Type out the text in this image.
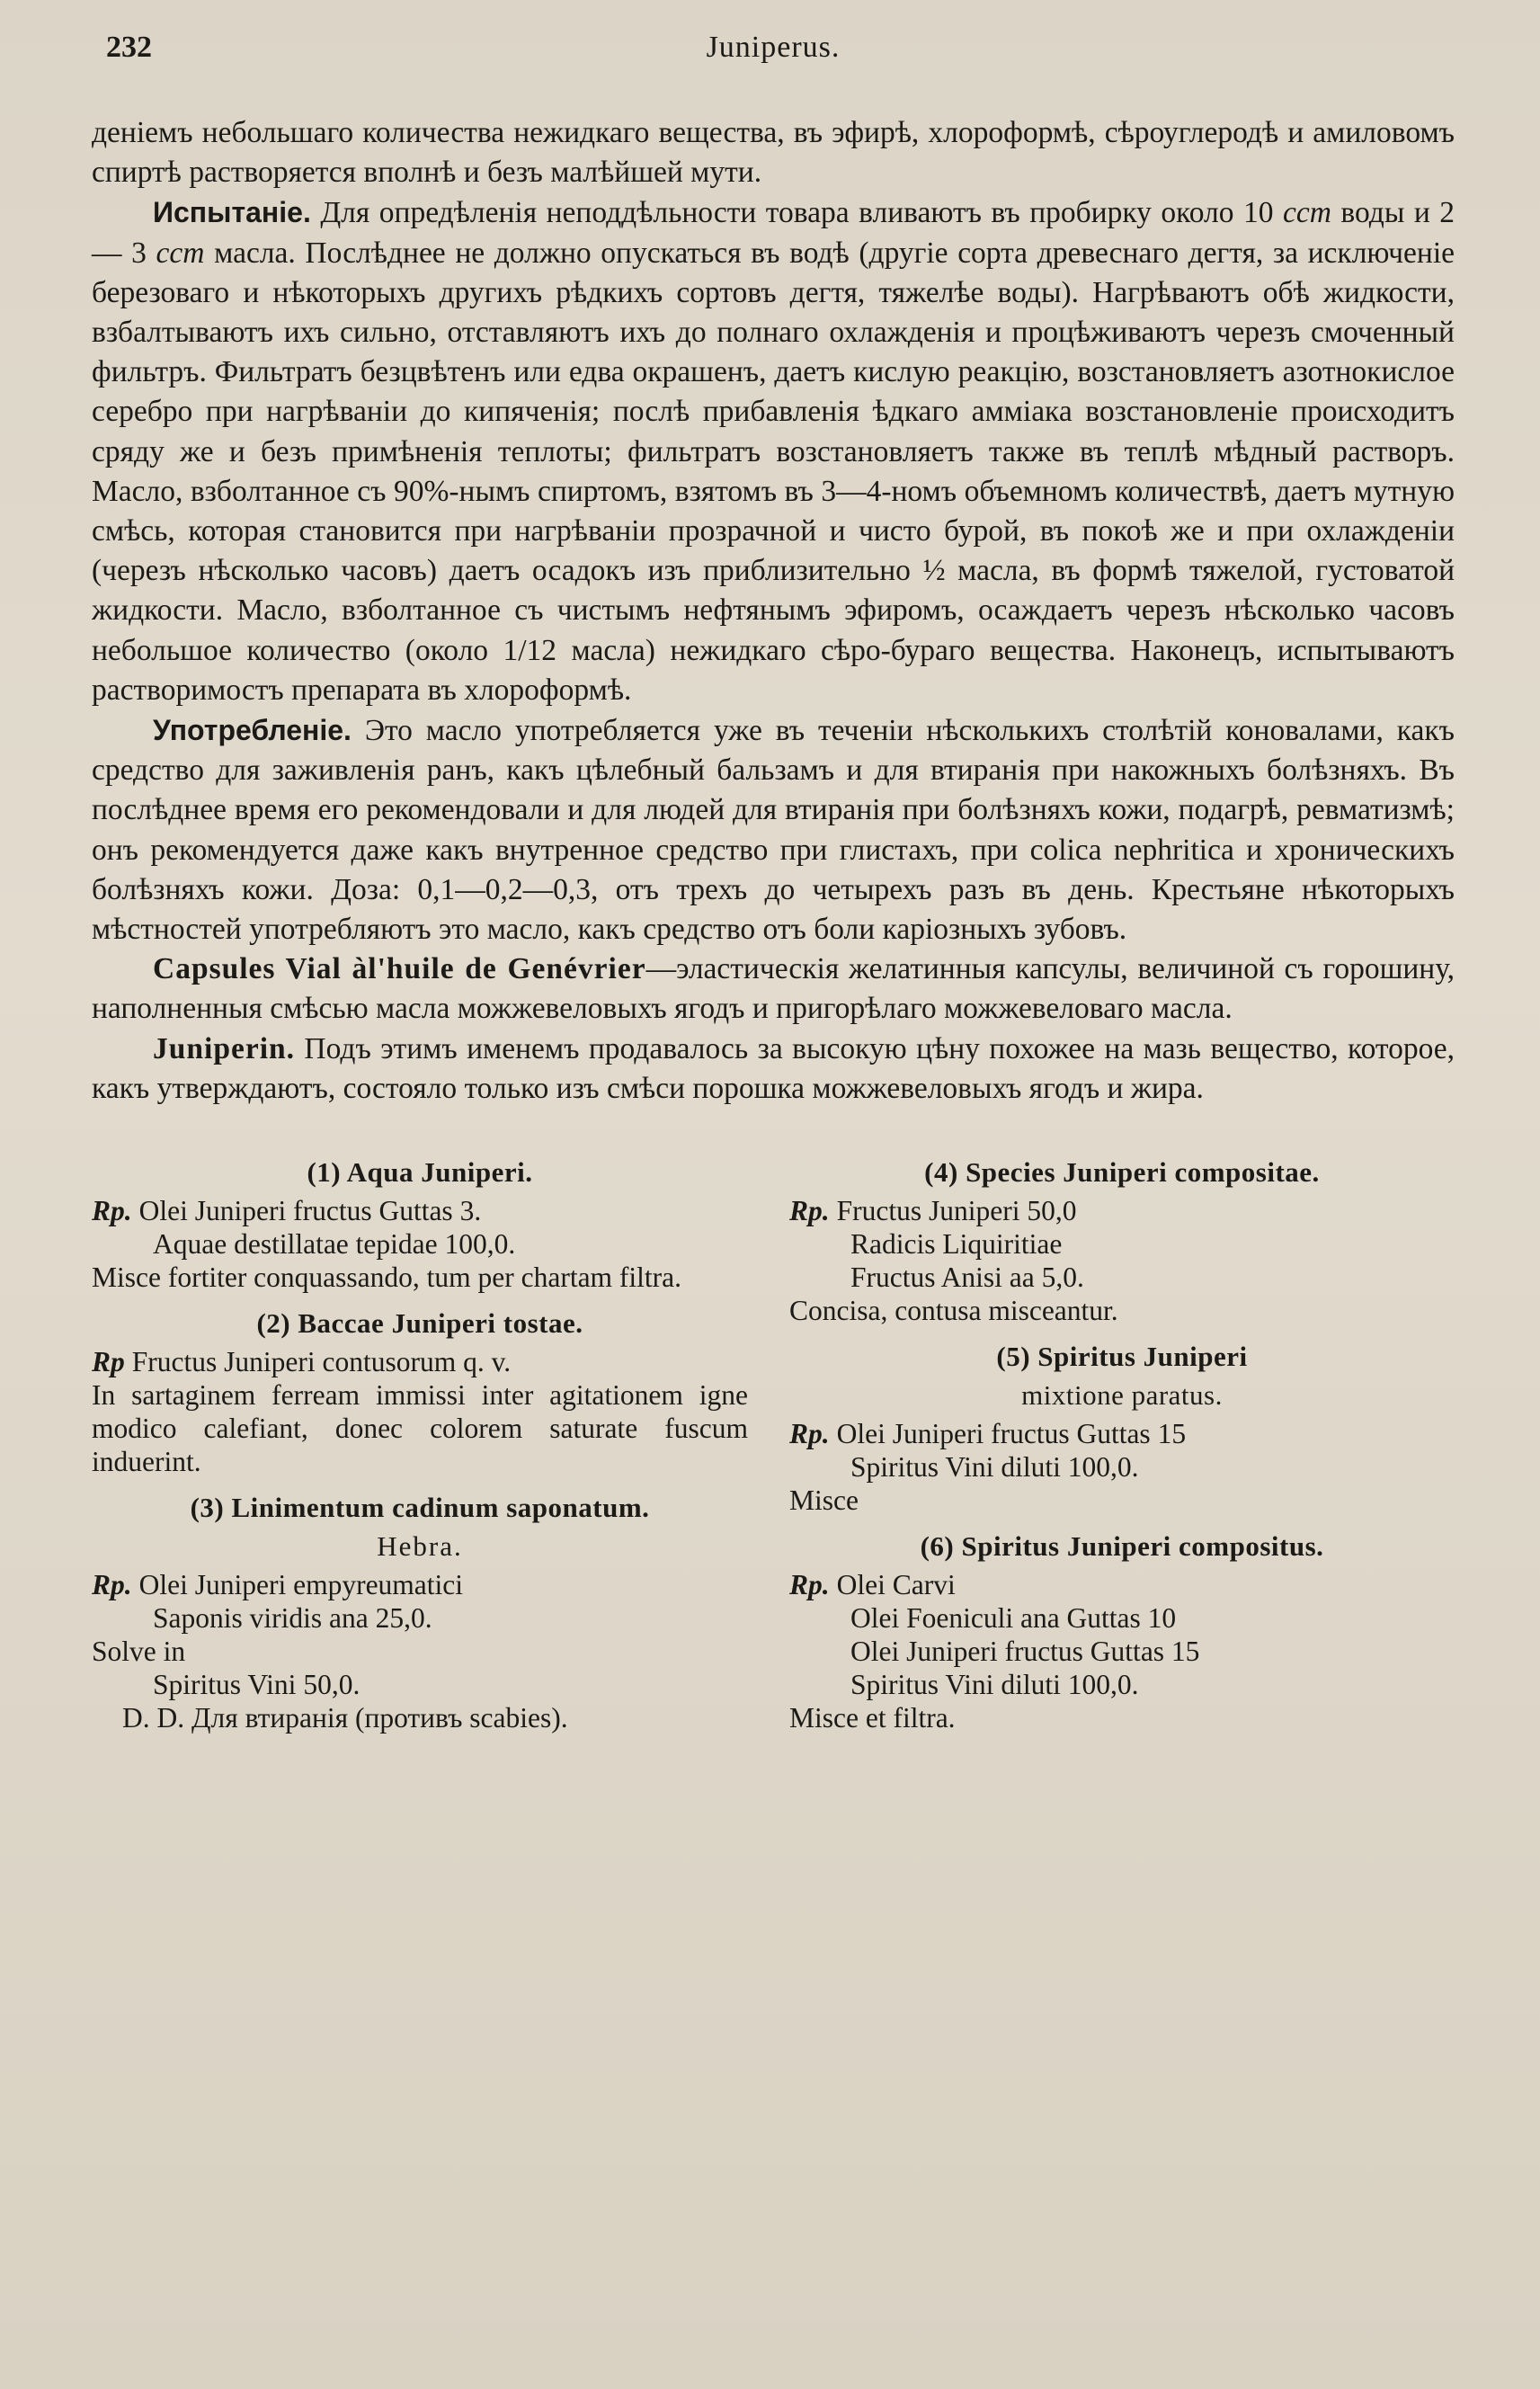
232	Juniperus.

деніемъ небольшаго количества нежидкаго вещества, въ эфирѣ, хлороформѣ, сѣроуглеродѣ и амиловомъ спиртѣ растворяется вполнѣ и безъ малѣйшей мути.

Испытаніе. Для опредѣленія неподдѣльности товара вливаютъ въ пробирку около 10 cсm воды и 2 — 3 cсm масла. Послѣднее не должно опускаться въ водѣ (другіе сорта древеснаго дегтя, за исключеніе березоваго и нѣкоторыхъ другихъ рѣдкихъ сортовъ дегтя, тяжелѣе воды). Нагрѣваютъ обѣ жидкости, взбалтываютъ ихъ сильно, отставляютъ ихъ до полнаго охлажденія и процѣживаютъ черезъ смоченный фильтръ. Фильтратъ безцвѣтенъ или едва окрашенъ, даетъ кислую реакцію, возстановляетъ азотнокислое серебро при нагрѣваніи до кипяченія; послѣ прибавленія ѣдкаго амміака возстановленіе происходитъ сряду же и безъ примѣненія теплоты; фильтратъ возстановляетъ также въ теплѣ мѣдный растворъ. Масло, взболтанное съ 90%-нымъ спиртомъ, взятомъ въ 3—4-номъ объемномъ количествѣ, даетъ мутную смѣсь, которая становится при нагрѣваніи прозрачной и чисто бурой, въ покоѣ же и при охлажденіи (черезъ нѣсколько часовъ) даетъ осадокъ изъ приблизительно ½ масла, въ формѣ тяжелой, густоватой жидкости. Масло, взболтанное съ чистымъ нефтянымъ эфиромъ, осаждаетъ черезъ нѣсколько часовъ небольшое количество (около 1/12 масла) нежидкаго сѣро-бураго вещества. Наконецъ, испытываютъ растворимостъ препарата въ хлороформѣ.

Употребленіе. Это масло употребляется уже въ теченіи нѣсколькихъ столѣтій коновалами, какъ средство для заживленія ранъ, какъ цѣлебный бальзамъ и для втиранія при накожныхъ болѣзняхъ. Въ послѣднее время его рекомендовали и для людей для втиранія при болѣзняхъ кожи, подагрѣ, ревматизмѣ; онъ рекомендуется даже какъ внутренное средство при глистахъ, при colica nephritica и хроническихъ болѣзняхъ кожи. Доза: 0,1—0,2—0,3, отъ трехъ до четырехъ разъ въ день. Крестьяне нѣкоторыхъ мѣстностей употребляютъ это масло, какъ средство отъ боли каріозныхъ зубовъ.

Capsules Vial àl'huile de Genévrier—эластическія желатинныя капсулы, величиной съ горошину, наполненныя смѣсью масла можжевеловыхъ ягодъ и пригорѣлаго можжевеловаго масла.

Juniperin. Подъ этимъ именемъ продавалось за высокую цѣну похожее на мазь вещество, которое, какъ утверждаютъ, состояло только изъ смѣси порошка можжевеловыхъ ягодъ и жира.

(1) Aqua Juniperi.
Rp. Olei Juniperi fructus Guttas 3.
Aquae destillatae tepidae 100,0.
Misce fortiter conquassando, tum per chartam filtra.
(2) Baccae Juniperi tostae.
Rp Fructus Juniperi contusorum q. v.
In sartaginem ferream immissi inter agitationem igne modico calefiant, donec colorem saturate fuscum induerint.
(3) Linimentum cadinum saponatum.
Hebra.
Rp. Olei Juniperi empyreumatici
Saponis viridis ana 25,0.
Solve in
Spiritus Vini 50,0.
D. D. Для втиранія (противъ scabies).
(4) Species Juniperi compositae.
Rp. Fructus Juniperi 50,0
Radicis Liquiritiae
Fructus Anisi aa 5,0.
Concisa, contusa misceantur.
(5) Spiritus Juniperi
mixtione paratus.
Rp. Olei Juniperi fructus Guttas 15
Spiritus Vini diluti 100,0.
Misce
(6) Spiritus Juniperi compositus.
Rp. Olei Carvi
Olei Foeniculi ana Guttas 10
Olei Juniperi fructus Guttas 15
Spiritus Vini diluti 100,0.
Misce et filtra.
